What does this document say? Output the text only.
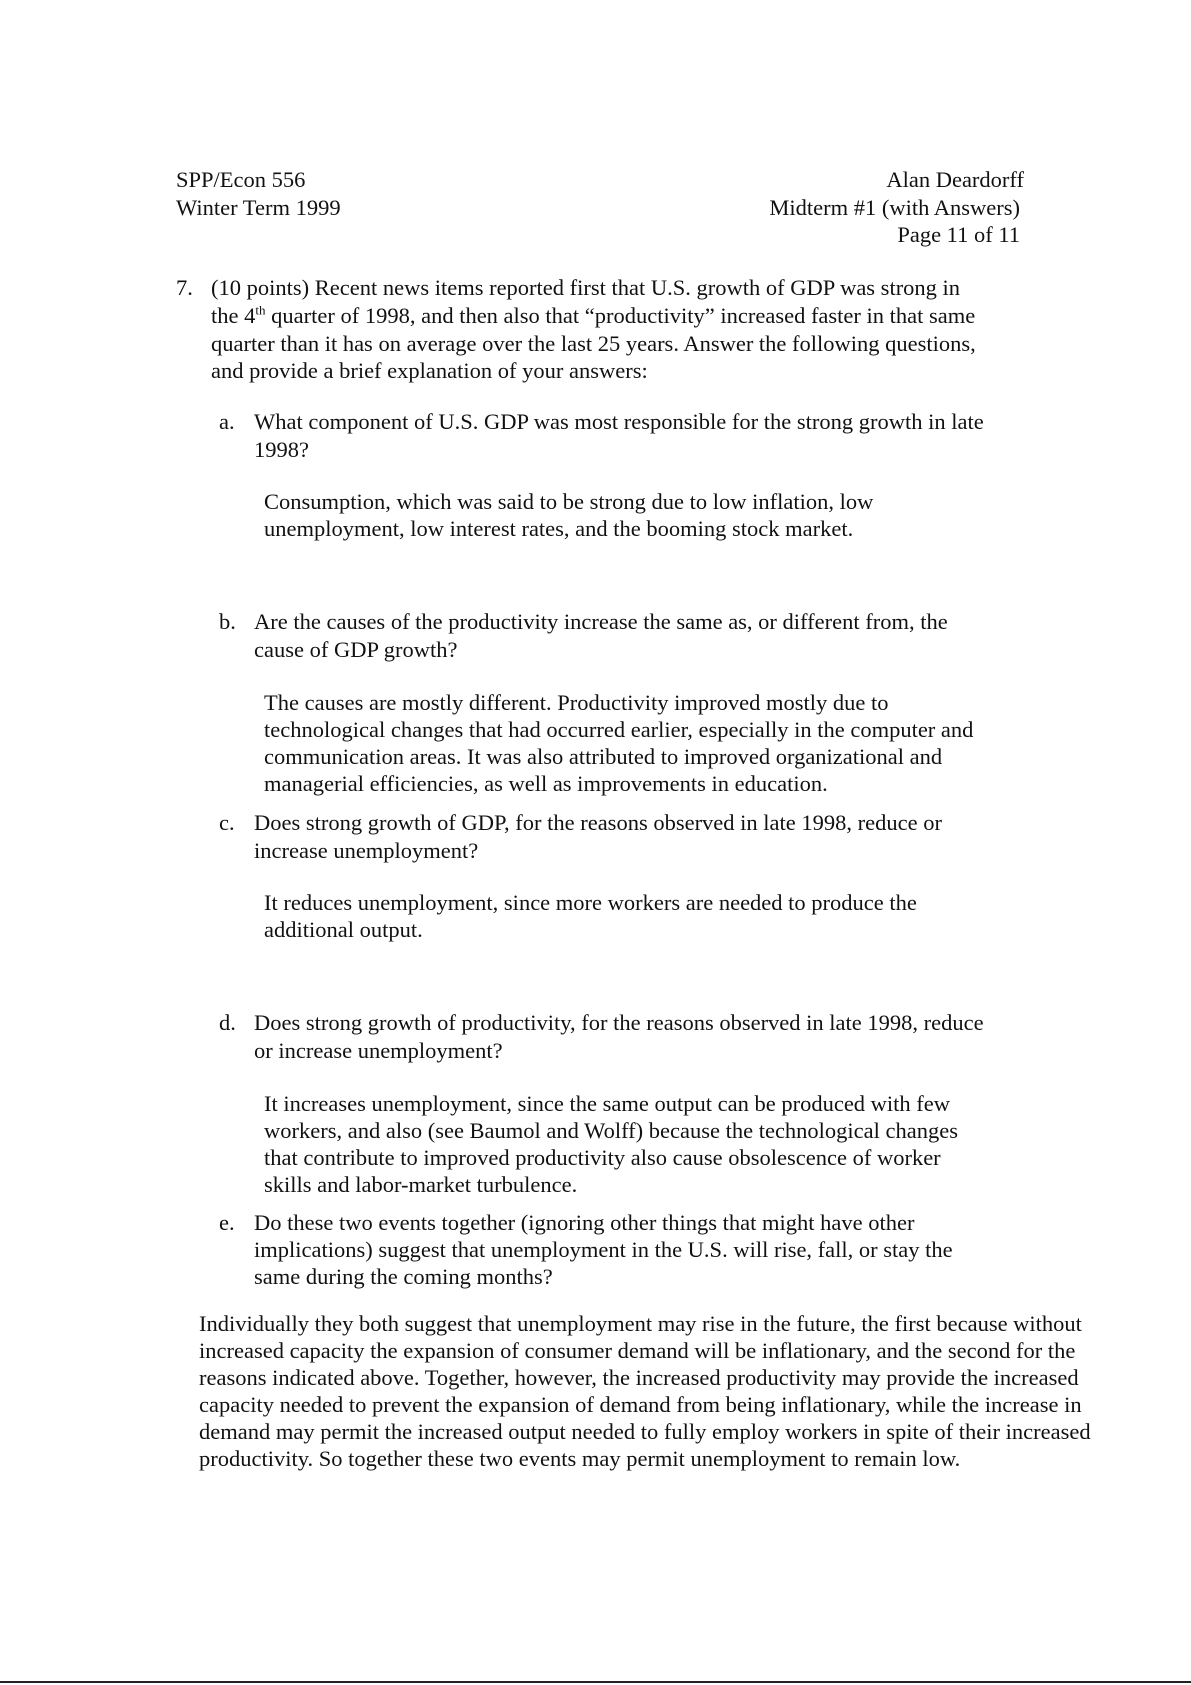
SPP/Econ 556
Winter Term 1999
Alan Deardorff
Midterm #1 (with Answers)
Page 11 of 11
7. (10 points) Recent news items reported first that U.S. growth of GDP was strong in
the 4th quarter of 1998, and then also that “productivity” increased faster in that same
quarter than it has on average over the last 25 years. Answer the following questions,
and provide a brief explanation of your answers:
a. What component of U.S. GDP was most responsible for the strong growth in late
1998?
Consumption, which was said to be strong due to low inflation, low
unemployment, low interest rates, and the booming stock market.
b. Are the causes of the productivity increase the same as, or different from, the
cause of GDP growth?
The causes are mostly different. Productivity improved mostly due to
technological changes that had occurred earlier, especially in the computer and
communication areas. It was also attributed to improved organizational and
managerial efficiencies, as well as improvements in education.
c. Does strong growth of GDP, for the reasons observed in late 1998, reduce or
increase unemployment?
It reduces unemployment, since more workers are needed to produce the
additional output.
d. Does strong growth of productivity, for the reasons observed in late 1998, reduce
or increase unemployment?
It increases unemployment, since the same output can be produced with few
workers, and also (see Baumol and Wolff) because the technological changes
that contribute to improved productivity also cause obsolescence of worker
skills and labor-market turbulence.
e. Do these two events together (ignoring other things that might have other
implications) suggest that unemployment in the U.S. will rise, fall, or stay the
same during the coming months?
Individually they both suggest that unemployment may rise in the future, the first because without
increased capacity the expansion of consumer demand will be inflationary, and the second for the
reasons indicated above. Together, however, the increased productivity may provide the increased
capacity needed to prevent the expansion of demand from being inflationary, while the increase in
demand may permit the increased output needed to fully employ workers in spite of their increased
productivity. So together these two events may permit unemployment to remain low.
